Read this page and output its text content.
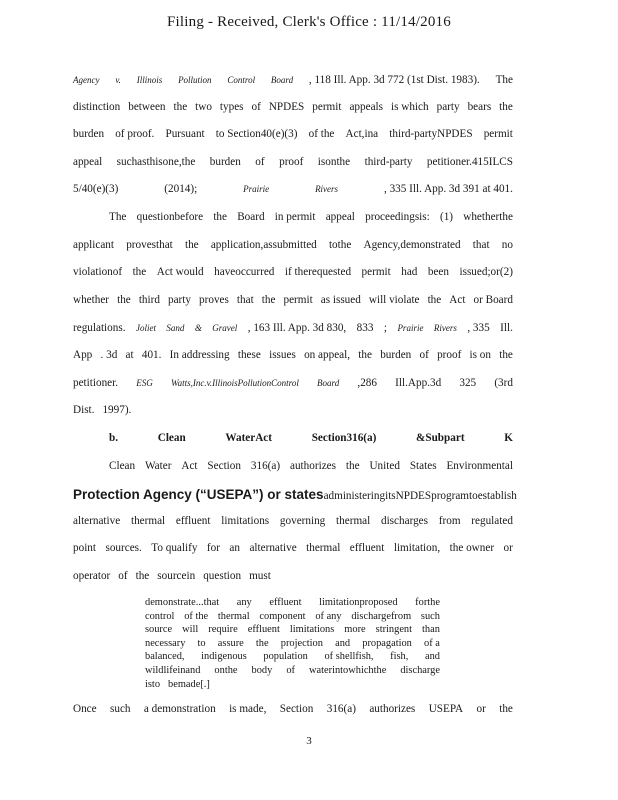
Filing - Received, Clerk's Office : 11/14/2016
Agency v. Illinois Pollution Control Board , 118 Ill. App. 3d 772 (1st Dist. 1983). The
distinction between the two types of NPDES permit appeals is which party bears the
burden of proof. Pursuant to Section40(e)(3) of the Act,ina third-partyNPDES permit
appeal suchasthisone,the burden of proof isonthe third-party petitioner.415ILCS
5/40(e)(3)	(2014);	Prairie	Rivers	, 335 Ill. App. 3d 391 at 401.
The questionbefore the Board in permit appeal proceedingsis: (1) whetherthe
applicant provesthat the application,assubmitted tothe Agency,demonstrated that no
violationof the Act would haveoccurred if therequested permit had been issued;or(2)
whether the third party proves that the permit as issued will violate the Act or Board
regulations. Joliet Sand & Gravel , 163 Ill. App. 3d 830, 833 ; Prairie Rivers , 335 Ill.
App . 3d at 401. In addressing these issues on appeal, the burden of proof is on the
petitioner. ESG Watts,Inc.v.IllinoisPollutionControl Board ,286 Ill.App.3d 325 (3rd
Dist. 1997).
b.	Clean	WaterAct	Section316(a)	&Subpart	K
Clean Water Act Section 316(a) authorizes the United States Environmental
Protection Agency (“USEPA”) or states administeringits NPDES program toestablish
alternative thermal effluent limitations governing thermal discharges from regulated
point sources. To qualify for an alternative thermal effluent limitation, the owner or
operator of the sourcein question must
Once such a demonstration is made, Section 316(a) authorizes USEPA or the
demonstrate...that any effluent limitationproposed forthe
control of the thermal component of any dischargefrom such
source will require effluent limitations more stringent than
necessary to assure the projection and propagation of a
balanced, indigenous population of shellfish, fish, and
wildlifeinand onthe body of waterintowhichthe discharge
isto bemade[.]
3
